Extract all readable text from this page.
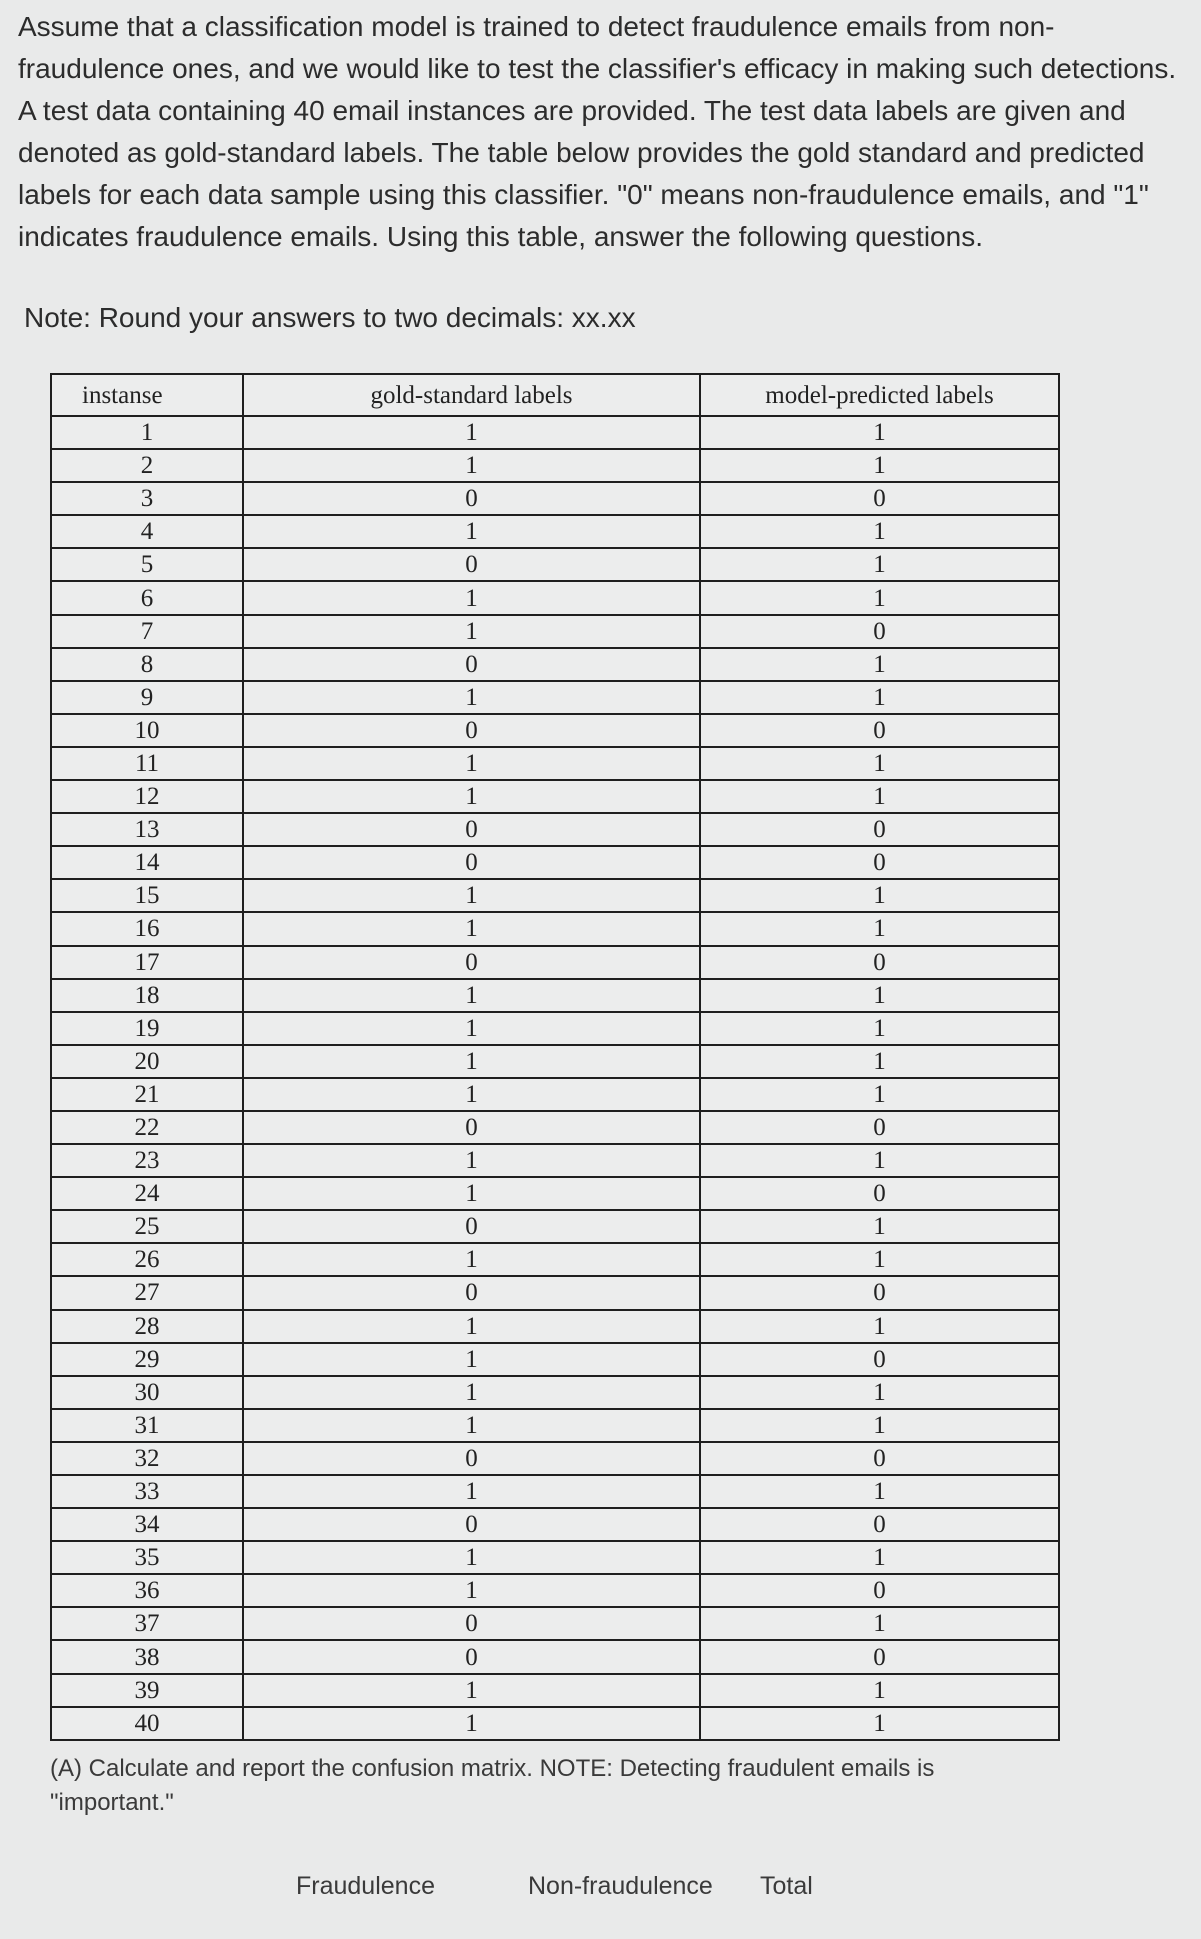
Assume that a classification model is trained to detect fraudulence emails from non-

fraudulence ones, and we would like to test the classifier's efficacy in making such detections.

A test data containing 40 email instances are provided. The test data labels are given and

denoted as gold-standard labels. The table below provides the gold standard and predicted

labels for each data sample using this classifier. "0" means non-fraudulence emails, and "1"

indicates fraudulence emails. Using this table, answer the following questions.

Note: Round your answers to two decimals: xx.xx
instanse	gold-standard labels	model-predicted labels
1	1	1
2	1	1
3	0	0
4	1	1
5	0	1
6	1	1
7	1	0
8	0	1
9	1	1
10	0	0
11	1	1
12	1	1
13	0	0
14	0	0
15	1	1
16	1	1
17	0	0
18	1	1
19	1	1
20	1	1
21	1	1
22	0	0
23	1	1
24	1	0
25	0	1
26	1	1
27	0	0
28	1	1
29	1	0
30	1	1
31	1	1
32	0	0
33	1	1
34	0	0
35	1	1
36	1	0
37	0	1
38	0	0
39	1	1
40	1	1
(A) Calculate and report the confusion matrix. NOTE: Detecting fraudulent emails is
"important."
Fraudulence	Non-fraudulence Total
